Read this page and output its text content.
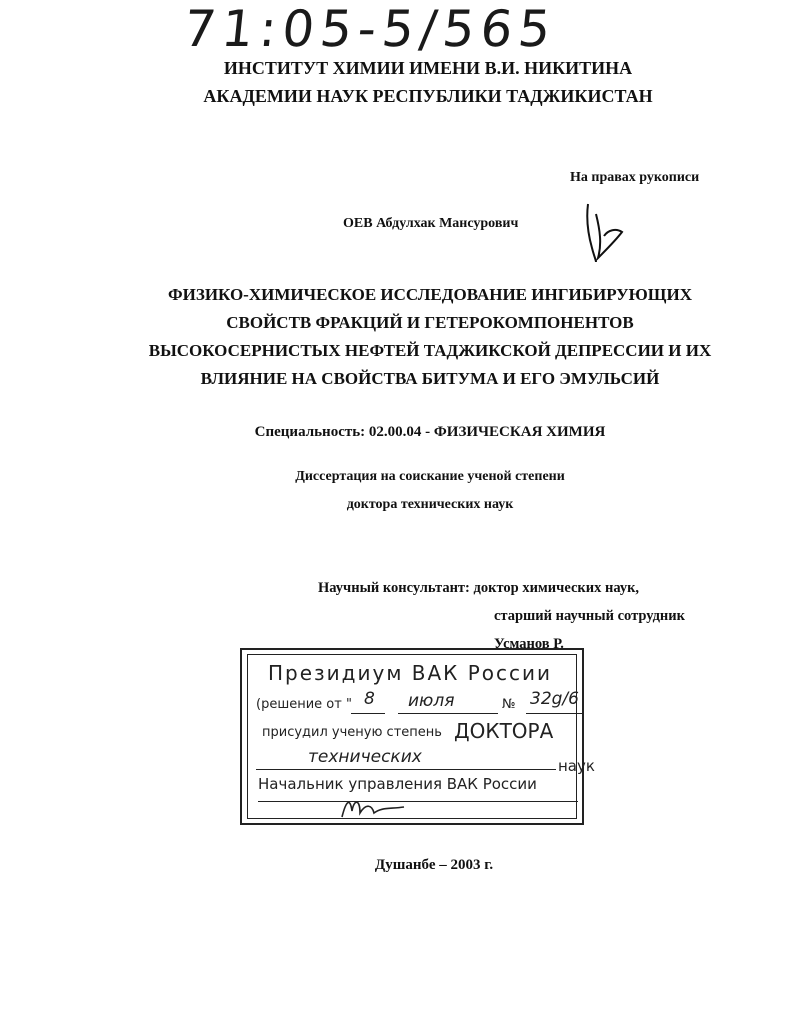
71:05-5/565
ИНСТИТУТ ХИМИИ ИМЕНИ В.И. НИКИТИНА
АКАДЕМИИ НАУК РЕСПУБЛИКИ ТАДЖИКИСТАН
На правах рукописи
ОЕВ Абдулхак Мансурович
ФИЗИКО-ХИМИЧЕСКОЕ ИССЛЕДОВАНИЕ ИНГИБИРУЮЩИХ
СВОЙСТВ ФРАКЦИЙ И ГЕТЕРОКОМПОНЕНТОВ
ВЫСОКОСЕРНИСТЫХ НЕФТЕЙ ТАДЖИКСКОЙ ДЕПРЕССИИ И ИХ
ВЛИЯНИЕ НА СВОЙСТВА БИТУМА И ЕГО ЭМУЛЬСИЙ
Специальность: 02.00.04 - ФИЗИЧЕСКАЯ ХИМИЯ
Диссертация на соискание ученой степени
доктора технических наук
Научный консультант: доктор химических наук,
старший научный сотрудник
Усманов Р.
Президиум ВАК России
(решение от " 8 июля	№ 32g/6
присудил ученую степень ДОКТОРА
технических	наук
Начальник управления ВАК России
Душанбе – 2003 г.
